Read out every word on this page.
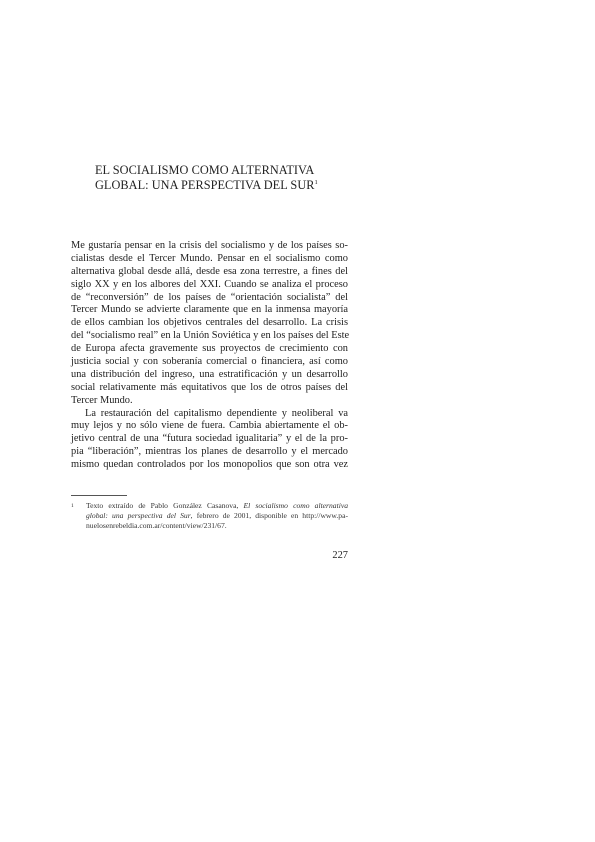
EL SOCIALISMO COMO ALTERNATIVA
GLOBAL: UNA PERSPECTIVA DEL SUR$^1$
Me gustaría pensar en la crisis del socialismo y de los países so-
cialistas desde el Tercer Mundo. Pensar en el socialismo como
alternativa global desde allá, desde esa zona terrestre, a fines del
siglo XX y en los albores del XXI. Cuando se analiza el proceso
de “reconversión” de los países de “orientación socialista” del
Tercer Mundo se advierte claramente que en la inmensa mayoría
de ellos cambian los objetivos centrales del desarrollo. La crisis
del “socialismo real” en la Unión Soviética y en los países del Este
de Europa afecta gravemente sus proyectos de crecimiento con
justicia social y con soberanía comercial o financiera, así como
una distribución del ingreso, una estratificación y un desarrollo
social relativamente más equitativos que los de otros países del
Tercer Mundo.
La restauración del capitalismo dependiente y neoliberal va
muy lejos y no sólo viene de fuera. Cambia abiertamente el ob-
jetivo central de una “futura sociedad igualitaria” y el de la pro-
pia “liberación”, mientras los planes de desarrollo y el mercado
mismo quedan controlados por los monopolios que son otra vez
1	Texto extraído de Pablo González Casanova, El socialismo como alternativa
global: una perspectiva del Sur, febrero de 2001, disponible en http://www.pa-
nuelosenrebeldia.com.ar/content/view/231/67.
227
